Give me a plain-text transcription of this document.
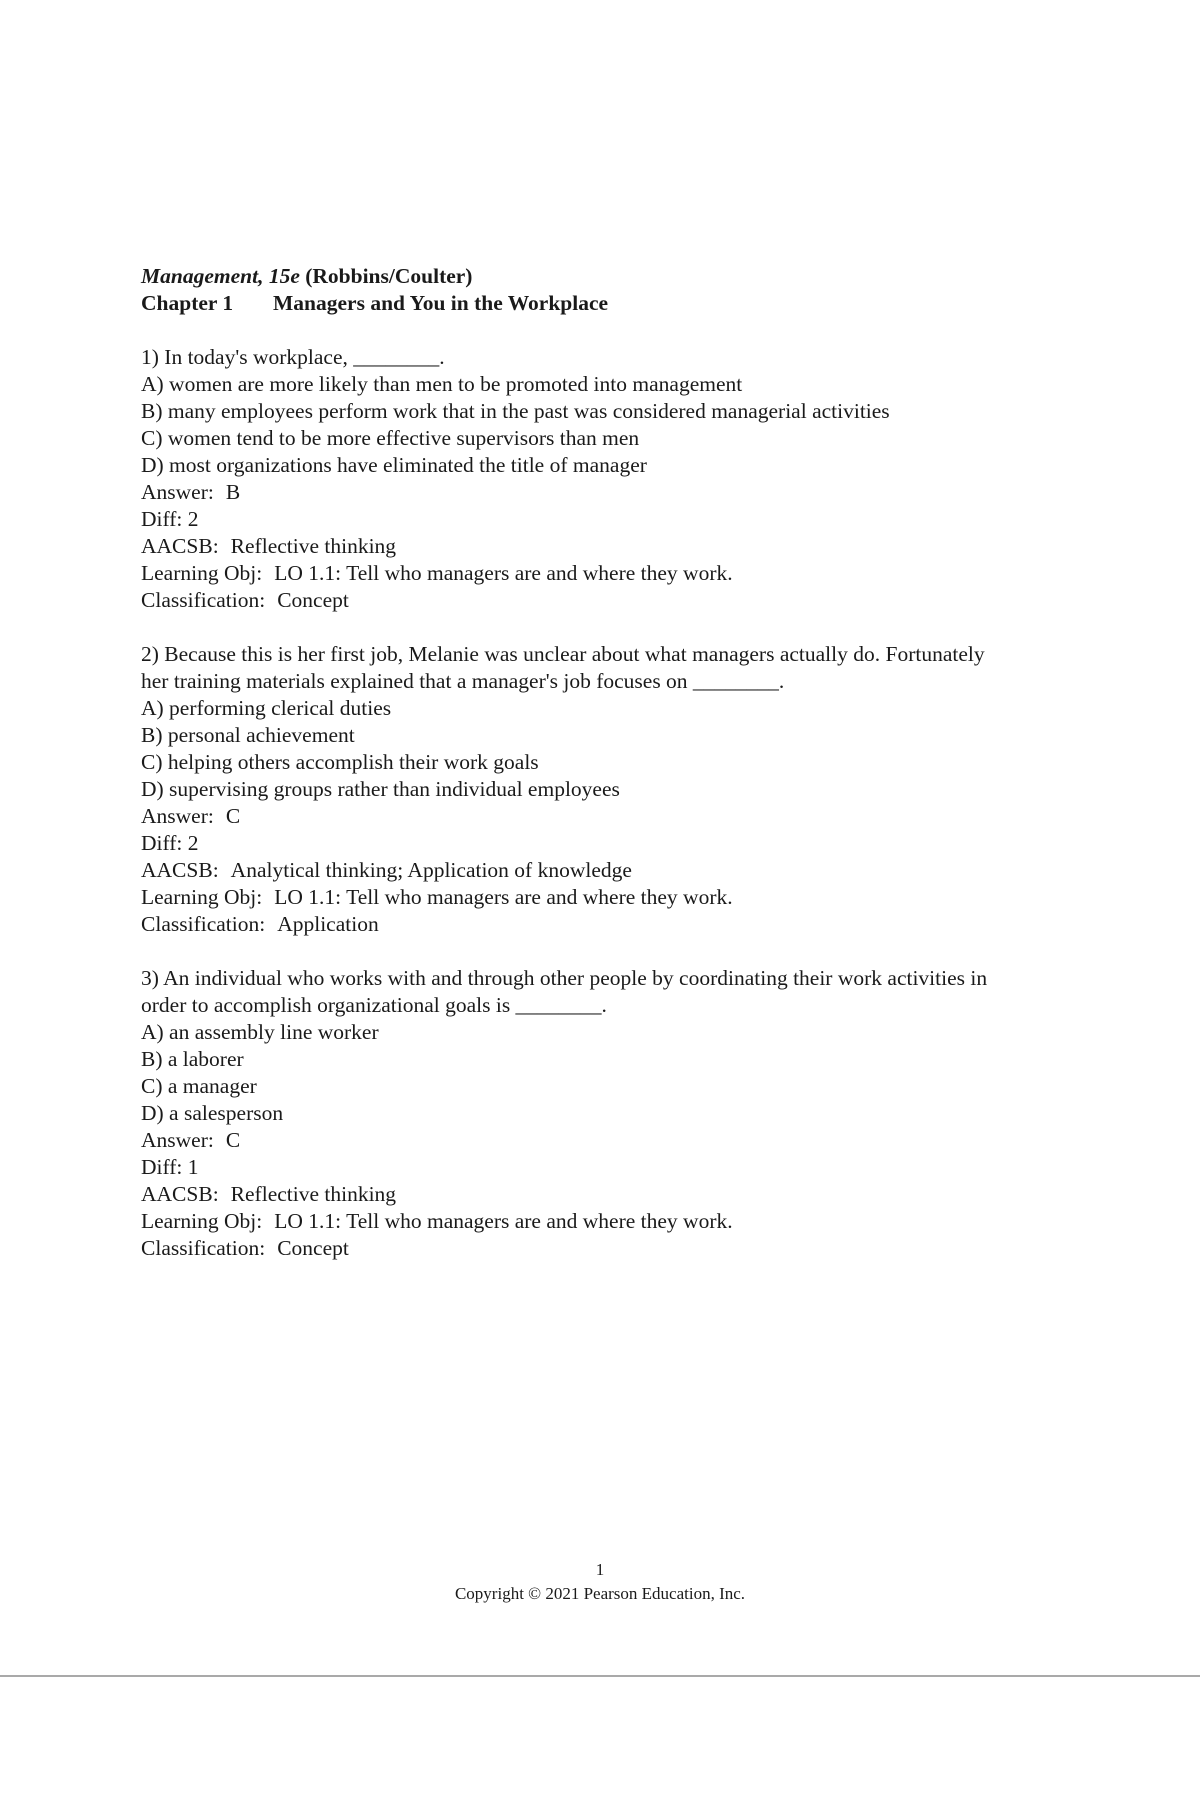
Management, 15e (Robbins/Coulter)
Chapter 1 Managers and You in the Workplace
1) In today's workplace, ________.
A) women are more likely than men to be promoted into management
B) many employees perform work that in the past was considered managerial activities
C) women tend to be more effective supervisors than men
D) most organizations have eliminated the title of manager
Answer: B
Diff: 2
AACSB: Reflective thinking
Learning Obj: LO 1.1: Tell who managers are and where they work.
Classification: Concept
2) Because this is her first job, Melanie was unclear about what managers actually do. Fortunately
her training materials explained that a manager's job focuses on ________.
A) performing clerical duties
B) personal achievement
C) helping others accomplish their work goals
D) supervising groups rather than individual employees
Answer: C
Diff: 2
AACSB: Analytical thinking; Application of knowledge
Learning Obj: LO 1.1: Tell who managers are and where they work.
Classification: Application
3) An individual who works with and through other people by coordinating their work activities in
order to accomplish organizational goals is ________.
A) an assembly line worker
B) a laborer
C) a manager
D) a salesperson
Answer: C
Diff: 1
AACSB: Reflective thinking
Learning Obj: LO 1.1: Tell who managers are and where they work.
Classification: Concept
1
Copyright © 2021 Pearson Education, Inc.
